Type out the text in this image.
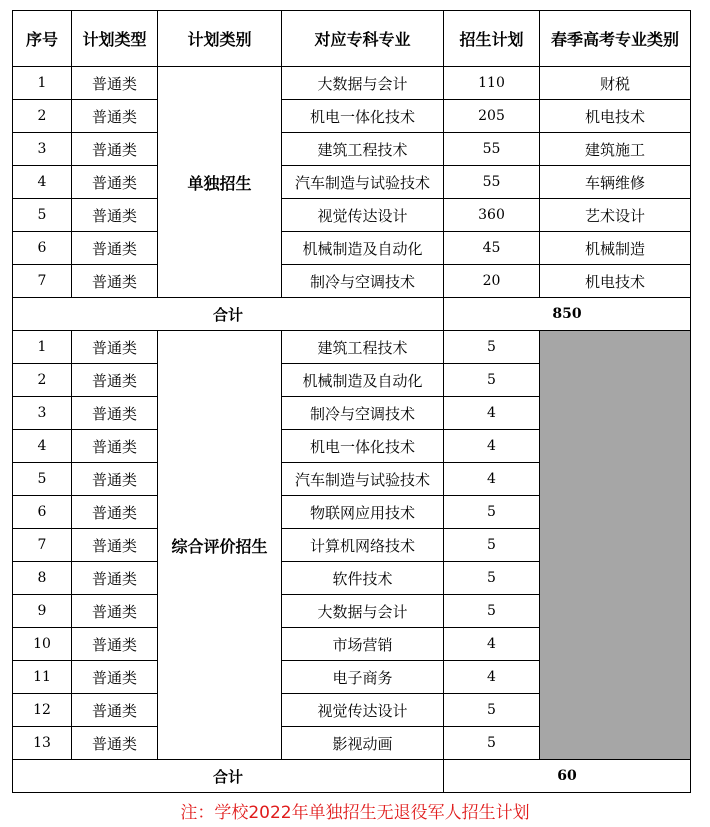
序号	计划类型	计划类别	对应专科专业	招生计划	春季高考专业类别
1	普通类	单独招生	大数据与会计	110	财税
2	普通类		机电一体化技术	205	机电技术
3	普通类		建筑工程技术	55	建筑施工
4	普通类		汽车制造与试验技术	55	车辆维修
5	普通类		视觉传达设计	360	艺术设计
6	普通类		机械制造及自动化	45	机械制造
7	普通类		制冷与空调技术	20	机电技术
合计				850	
1	普通类	综合评价招生	建筑工程技术	5	
2	普通类		机械制造及自动化	5	
3	普通类		制冷与空调技术	4	
4	普通类		机电一体化技术	4	
5	普通类		汽车制造与试验技术	4	
6	普通类		物联网应用技术	5	
7	普通类		计算机网络技术	5	
8	普通类		软件技术	5	
9	普通类		大数据与会计	5	
10	普通类		市场营销	4	
11	普通类		电子商务	4	
12	普通类		视觉传达设计	5	
13	普通类		影视动画	5	
合计				60	
注：学校2022年单独招生无退役军人招生计划
